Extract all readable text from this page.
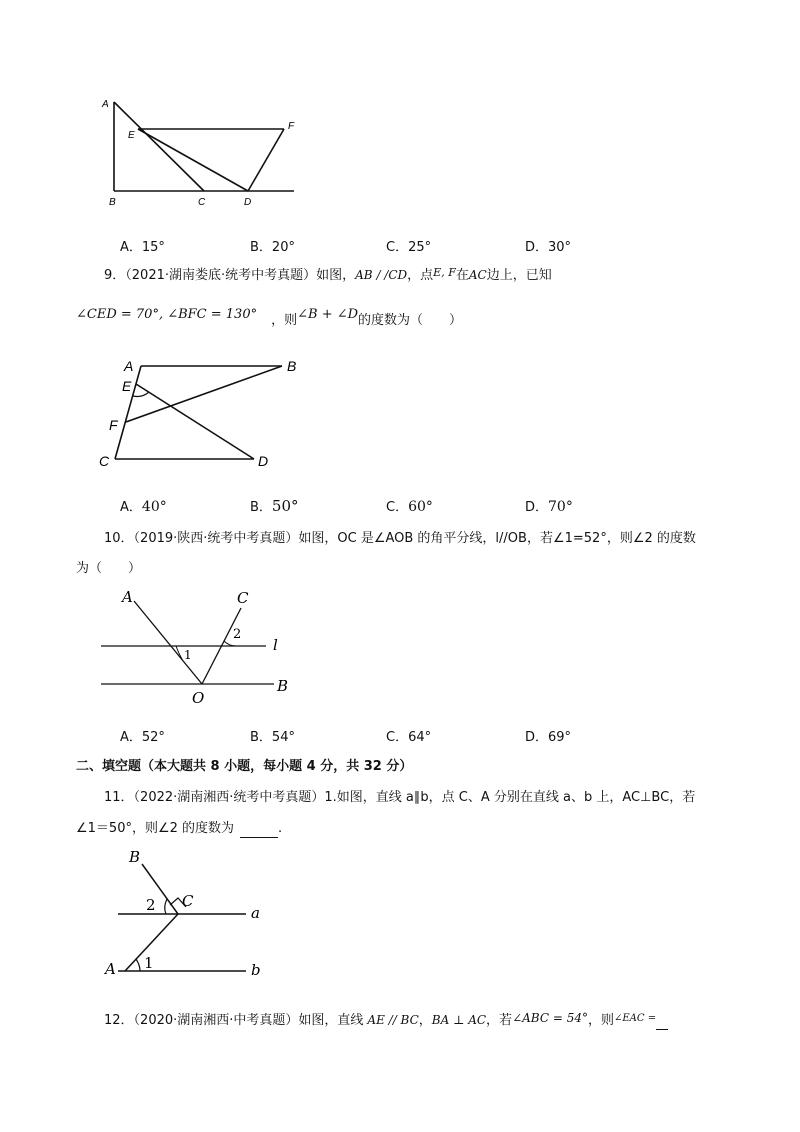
A
E
F
B	C	D
A．15°	B．20°	C．25°	D．30°
9．（2021·湖南娄底·统考中考真题）如图，AB / /CD，点$^{E, F}$在AC边上，已知
∠CED = 70°, ∠BFC = 130° ，则∠B + ∠D的度数为（　　）
A	B
E
F
C	D
A．40°	B．50°	C．60°	D．70°
10．（2019·陕西·统考中考真题）如图，OC 是∠AOB 的角平分线，l//OB，若∠1=52°，则∠2 的度数
为（　　）
A	C
2
1
l
B
O
A．52°	B．54°	C．64°	D．69°
二、填空题（本大题共 8 小题，每小题 4 分，共 32 分）
11．（2022·湖南湘西·统考中考真题）1.如图，直线 a∥b，点 C、A 分别在直线 a、b 上，AC⊥BC，若
∠1＝50°，则∠2 的度数为	.
B
2 C
a
A 1	b
12．（2020·湖南湘西·中考真题）如图，直线 AE // BC，BA ⊥ AC，若∠ABC = 54°，则$^{\angle EAC =}$
